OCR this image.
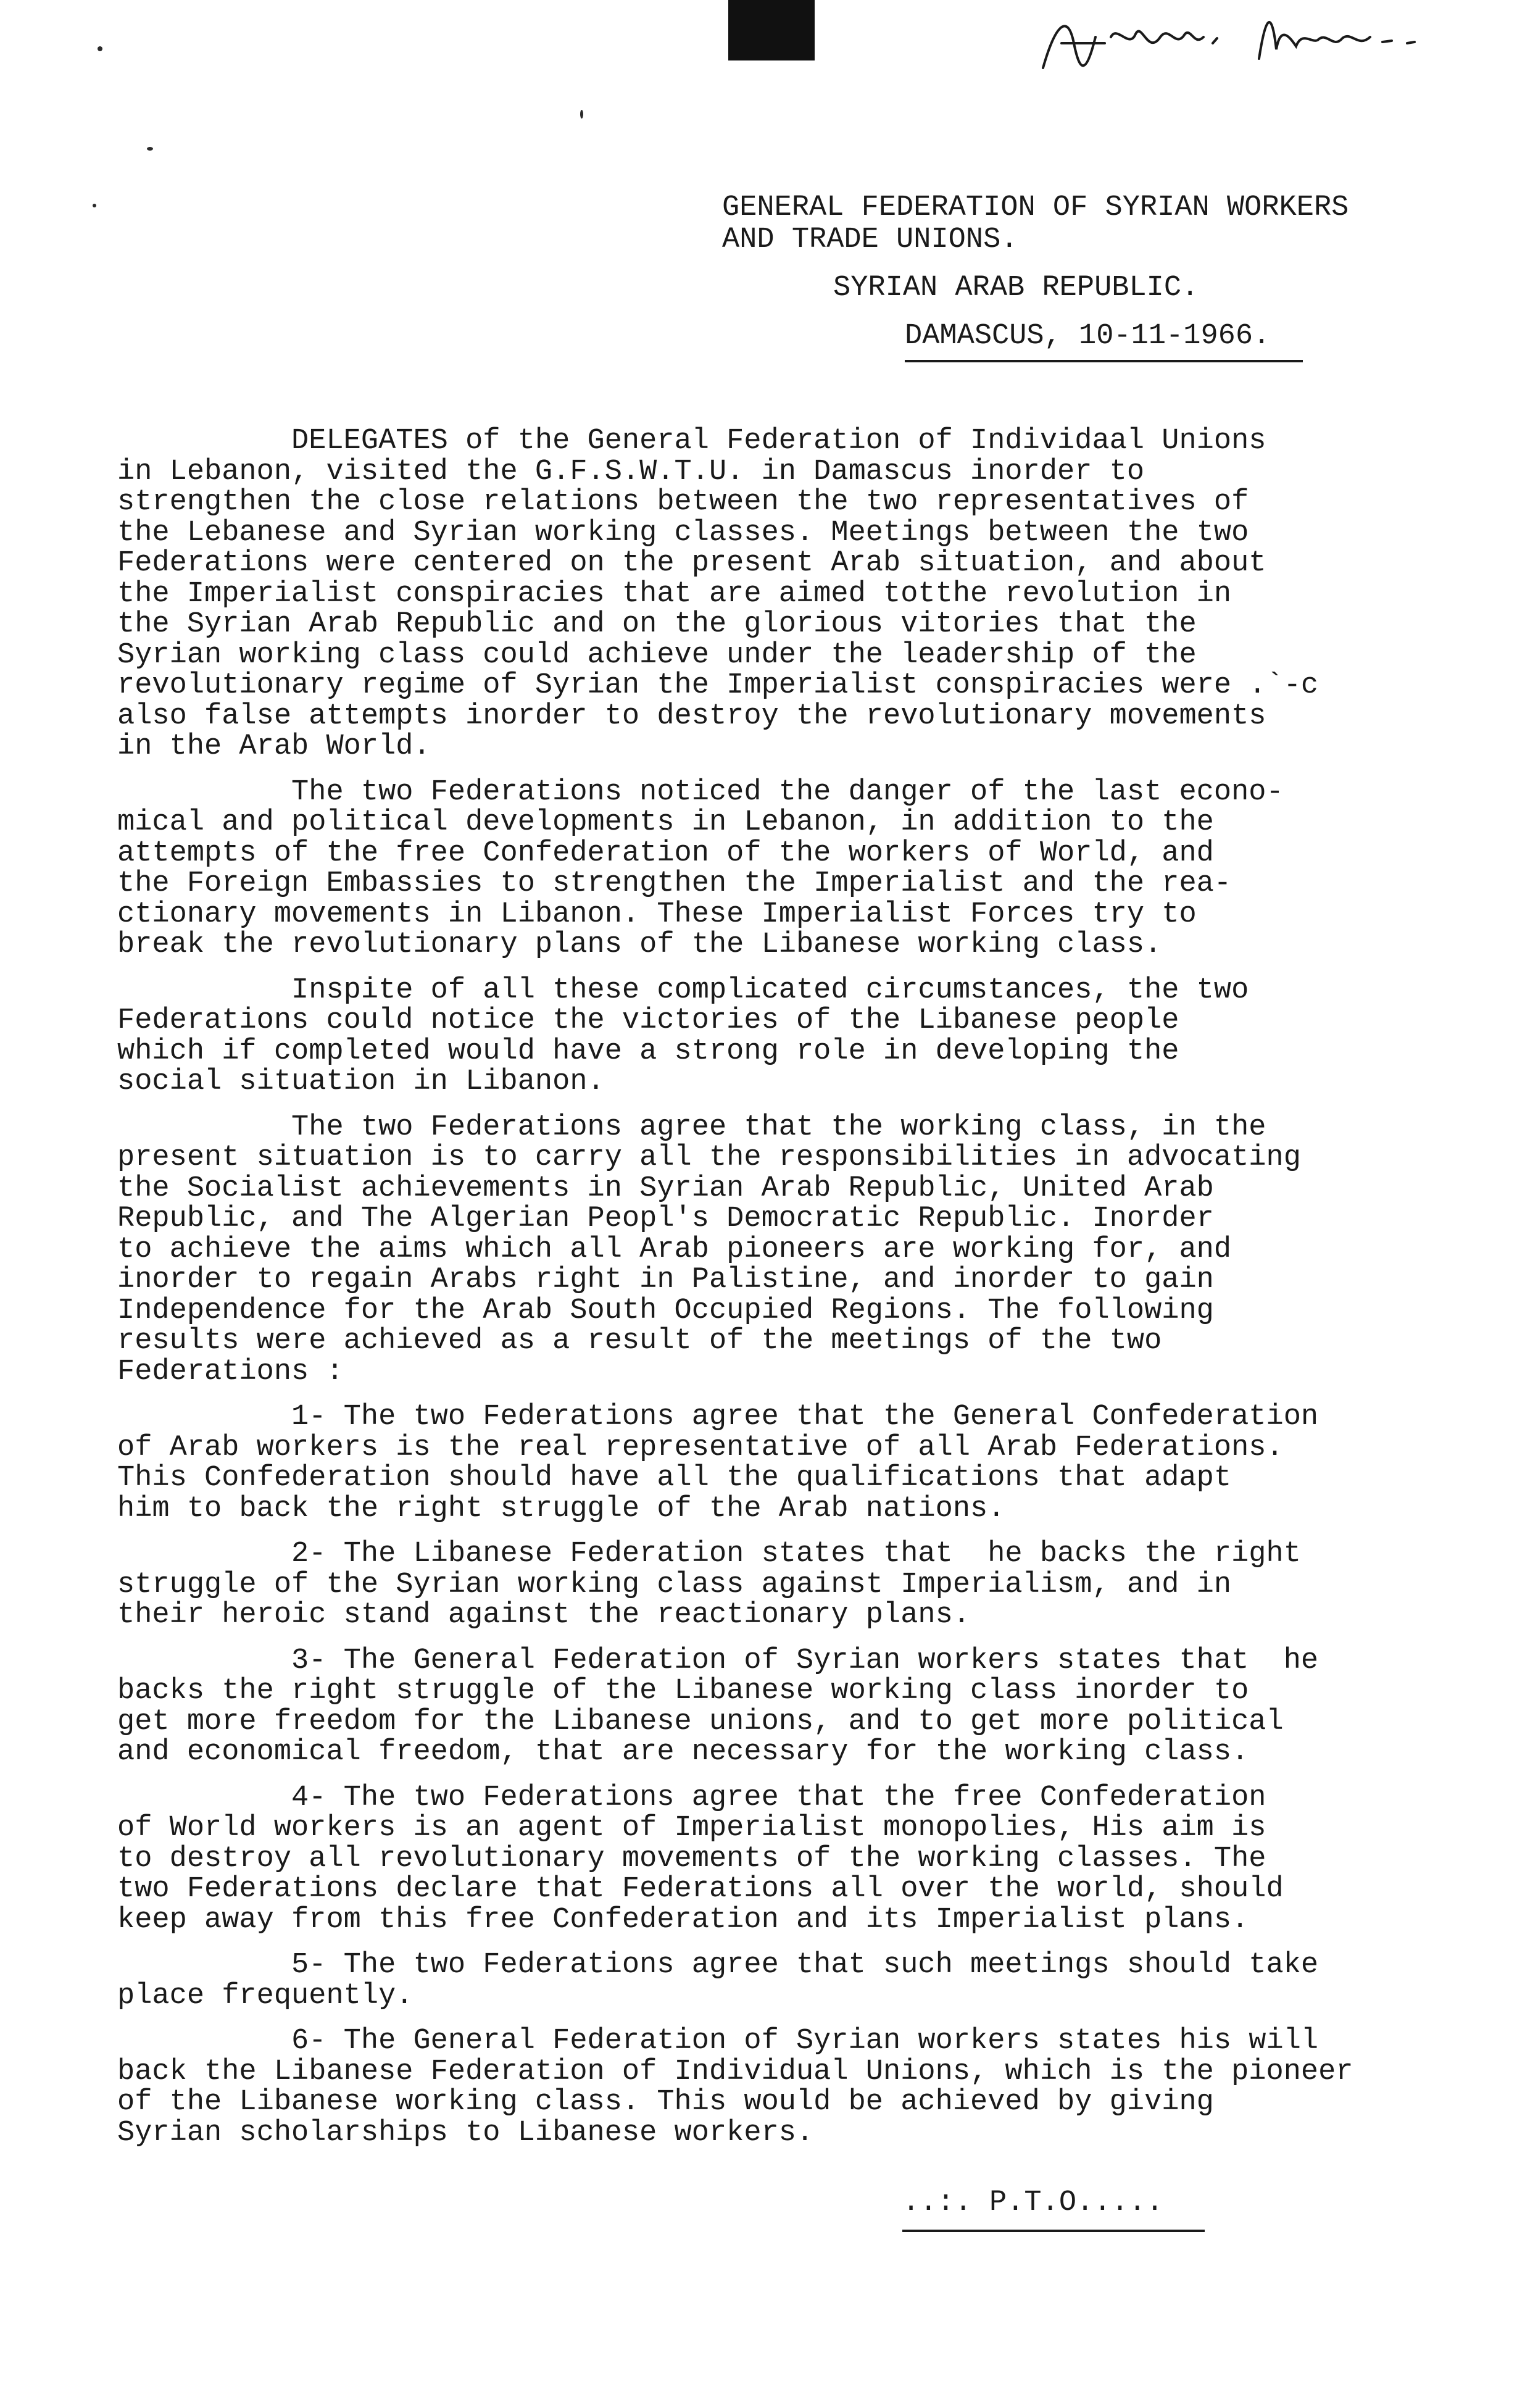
GENERAL FEDERATION OF SYRIAN WORKERS

AND TRADE UNIONS.

SYRIAN ARAB REPUBLIC.

DAMASCUS, 10-11-1966.

DELEGATES of the General Federation of Individaal Unions
in Lebanon, visited the G.F.S.W.T.U. in Damascus inorder to
strengthen the close relations between the two representatives of
the Lebanese and Syrian working classes. Meetings between the two
Federations were centered on the present Arab situation, and about
the Imperialist conspiracies that are aimed totthe revolution in
the Syrian Arab Republic and on the glorious vitories that the
Syrian working class could achieve under the leadership of the
revolutionary regime of Syrian the Imperialist conspiracies were .`-c
also false attempts inorder to destroy the revolutionary movements
in the Arab World.
The two Federations noticed the danger of the last econo-
mical and political developments in Lebanon, in addition to the
attempts of the free Confederation of the workers of World, and
the Foreign Embassies to strengthen the Imperialist and the rea-
ctionary movements in Libanon. These Imperialist Forces try to
break the revolutionary plans of the Libanese working class.
Inspite of all these complicated circumstances, the two
Federations could notice the victories of the Libanese people
which if completed would have a strong role in developing the
social situation in Libanon.
The two Federations agree that the working class, in the
present situation is to carry all the responsibilities in advocating
the Socialist achievements in Syrian Arab Republic, United Arab
Republic, and The Algerian Peopl's Democratic Republic. Inorder
to achieve the aims which all Arab pioneers are working for, and
inorder to regain Arabs right in Palistine, and inorder to gain
Independence for the Arab South Occupied Regions. The following
results were achieved as a result of the meetings of the two
Federations :
1- The two Federations agree that the General Confederation
of Arab workers is the real representative of all Arab Federations.
This Confederation should have all the qualifications that adapt
him to back the right struggle of the Arab nations.
2- The Libanese Federation states that  he backs the right
struggle of the Syrian working class against Imperialism, and in
their heroic stand against the reactionary plans.
3- The General Federation of Syrian workers states that  he
backs the right struggle of the Libanese working class inorder to
get more freedom for the Libanese unions, and to get more political
and economical freedom, that are necessary for the working class.
4- The two Federations agree that the free Confederation
of World workers is an agent of Imperialist monopolies, His aim is
to destroy all revolutionary movements of the working classes. The
two Federations declare that Federations all over the world, should
keep away from this free Confederation and its Imperialist plans.
5- The two Federations agree that such meetings should take
place frequently.
6- The General Federation of Syrian workers states his will
back the Libanese Federation of Individual Unions, which is the pioneer
of the Libanese working class. This would be achieved by giving
Syrian scholarships to Libanese workers.
..:. P.T.O.....
